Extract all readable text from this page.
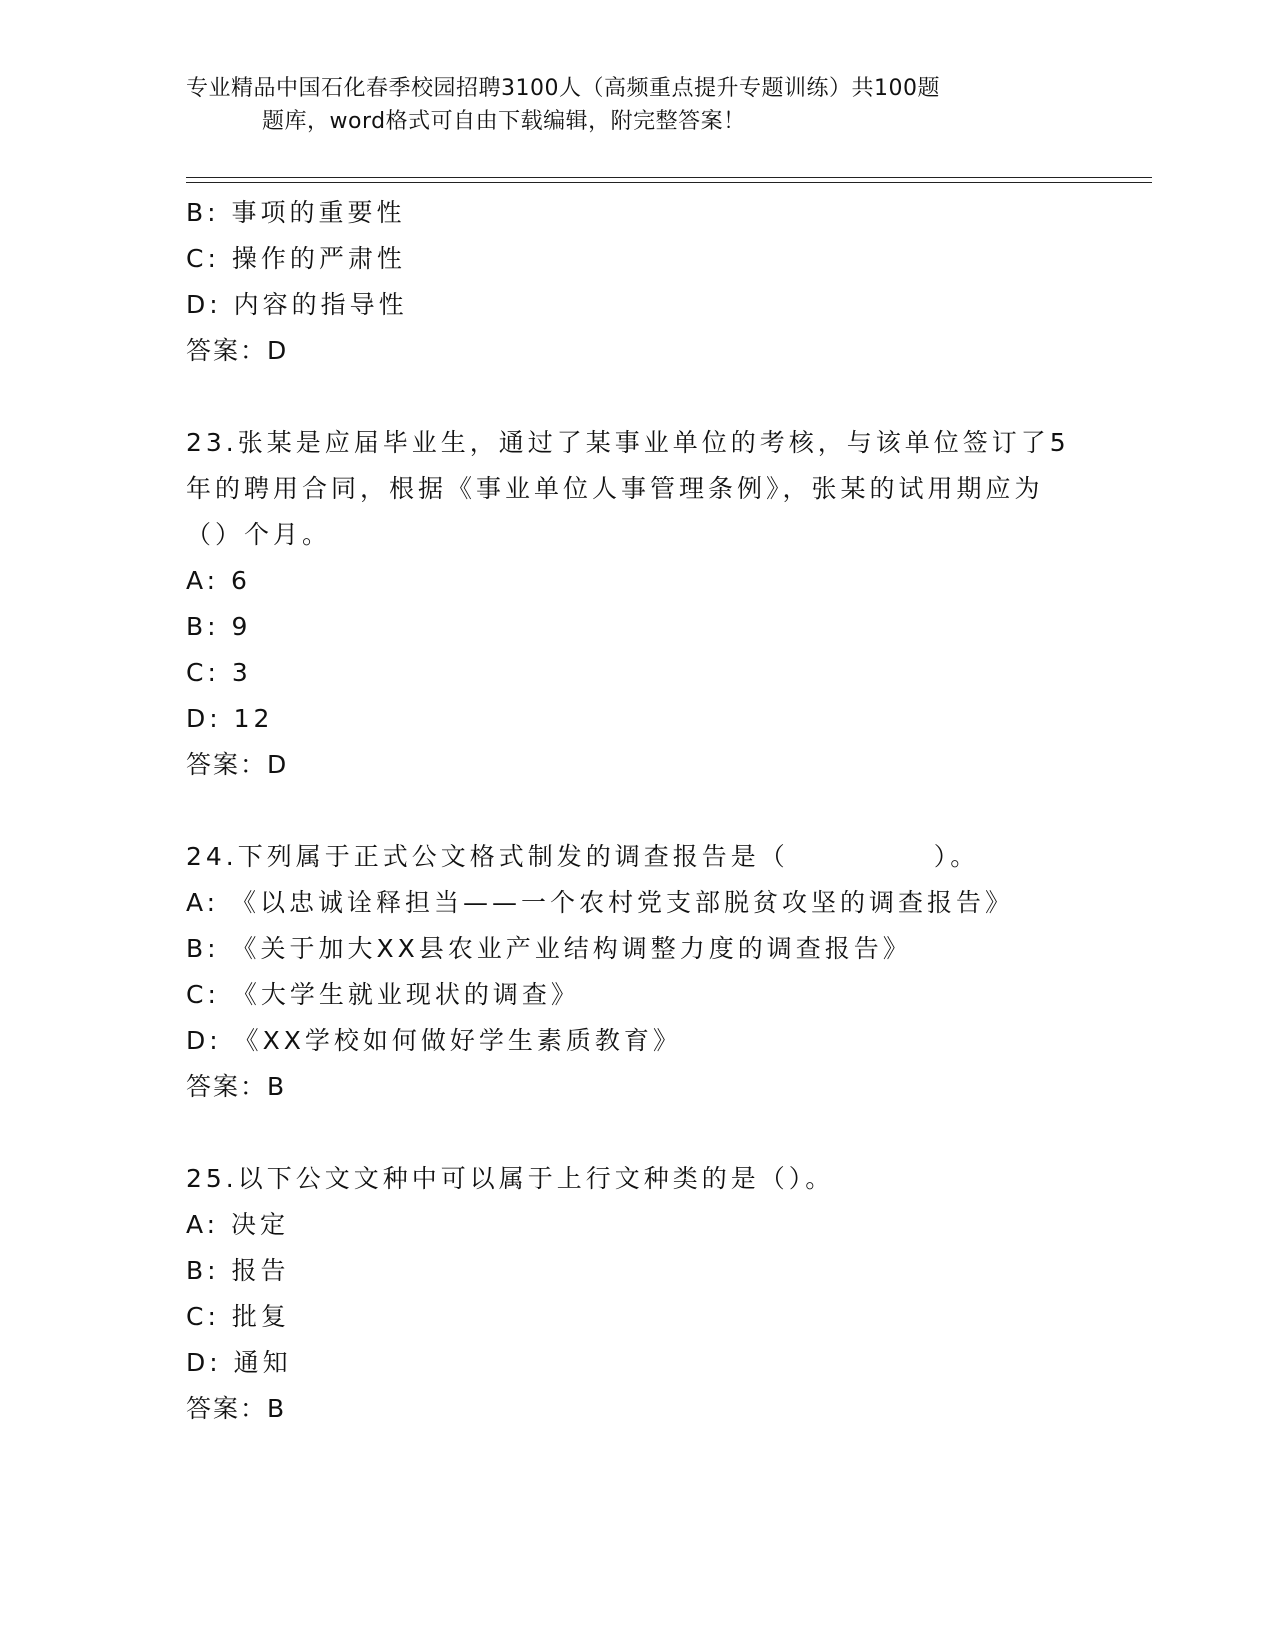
专业精品中国石化春季校园招聘3100人（高频重点提升专题训练）共100题
题库，word格式可自由下载编辑，附完整答案！
B: 事项的重要性
C: 操作的严肃性
D: 内容的指导性
答案：D
23.张某是应届毕业生，通过了某事业单位的考核，与该单位签订了5
年的聘用合同，根据《事业单位人事管理条例》，张某的试用期应为
（）个月。
A: 6
B: 9
C: 3
D: 12
答案：D
24.下列属于正式公文格式制发的调查报告是（　　　　　）。
A: 《以忠诚诠释担当——一个农村党支部脱贫攻坚的调查报告》
B: 《关于加大XX县农业产业结构调整力度的调查报告》
C: 《大学生就业现状的调查》
D: 《XX学校如何做好学生素质教育》
答案：B
25.以下公文文种中可以属于上行文种类的是（）。
A: 决定
B: 报告
C: 批复
D: 通知
答案：B
